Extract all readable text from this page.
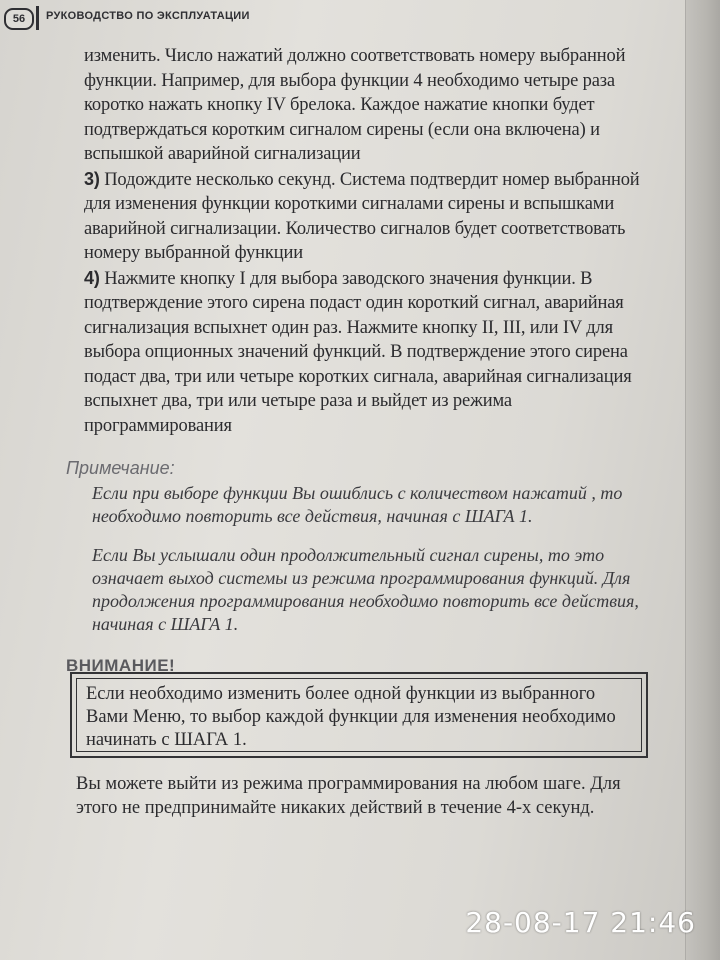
56	РУКОВОДСТВО ПО ЭКСПЛУАТАЦИИ

изменить. Число нажатий должно соответствовать номеру выбранной функции. Например, для выбора функции 4 необходимо четыре раза коротко нажать кнопку IV брелока. Каждое нажатие кнопки будет подтверждаться коротким сигналом сирены (если она включена) и вспышкой аварийной сигнализации

3) Подождите несколько секунд. Система подтвердит номер выбранной для изменения функции короткими сигналами сирены и вспышками аварийной сигнализации. Количество сигналов будет соответствовать номеру выбранной функции

4) Нажмите кнопку I для выбора заводского значения функции. В подтверждение этого сирена подаст один короткий сигнал, аварийная сигнализация вспыхнет один раз. Нажмите кнопку II, III, или IV для выбора опционных значений функций. В подтверждение этого сирена подаст два, три или четыре коротких сигнала, аварийная сигнализация вспыхнет два, три или четыре раза и выйдет из режима программирования

Примечание:

Если при выборе функции Вы ошиблись с количеством нажатий , то необходимо повторить все действия, начиная с ШАГА 1.

Если Вы услышали один продолжительный сигнал сирены, то это означает выход системы из режима программирования функций. Для продолжения программирования необходимо повторить все действия, начиная с ШАГА 1.

ВНИМАНИЕ!
Если необходимо изменить более одной функции из выбранного Вами Меню, то выбор каждой функции для изменения необходимо начинать с ШАГА 1.
Вы можете выйти из режима программирования на любом шаге. Для этого не предпринимайте никаких действий в течение 4-х секунд.
28-08-17 21:46
